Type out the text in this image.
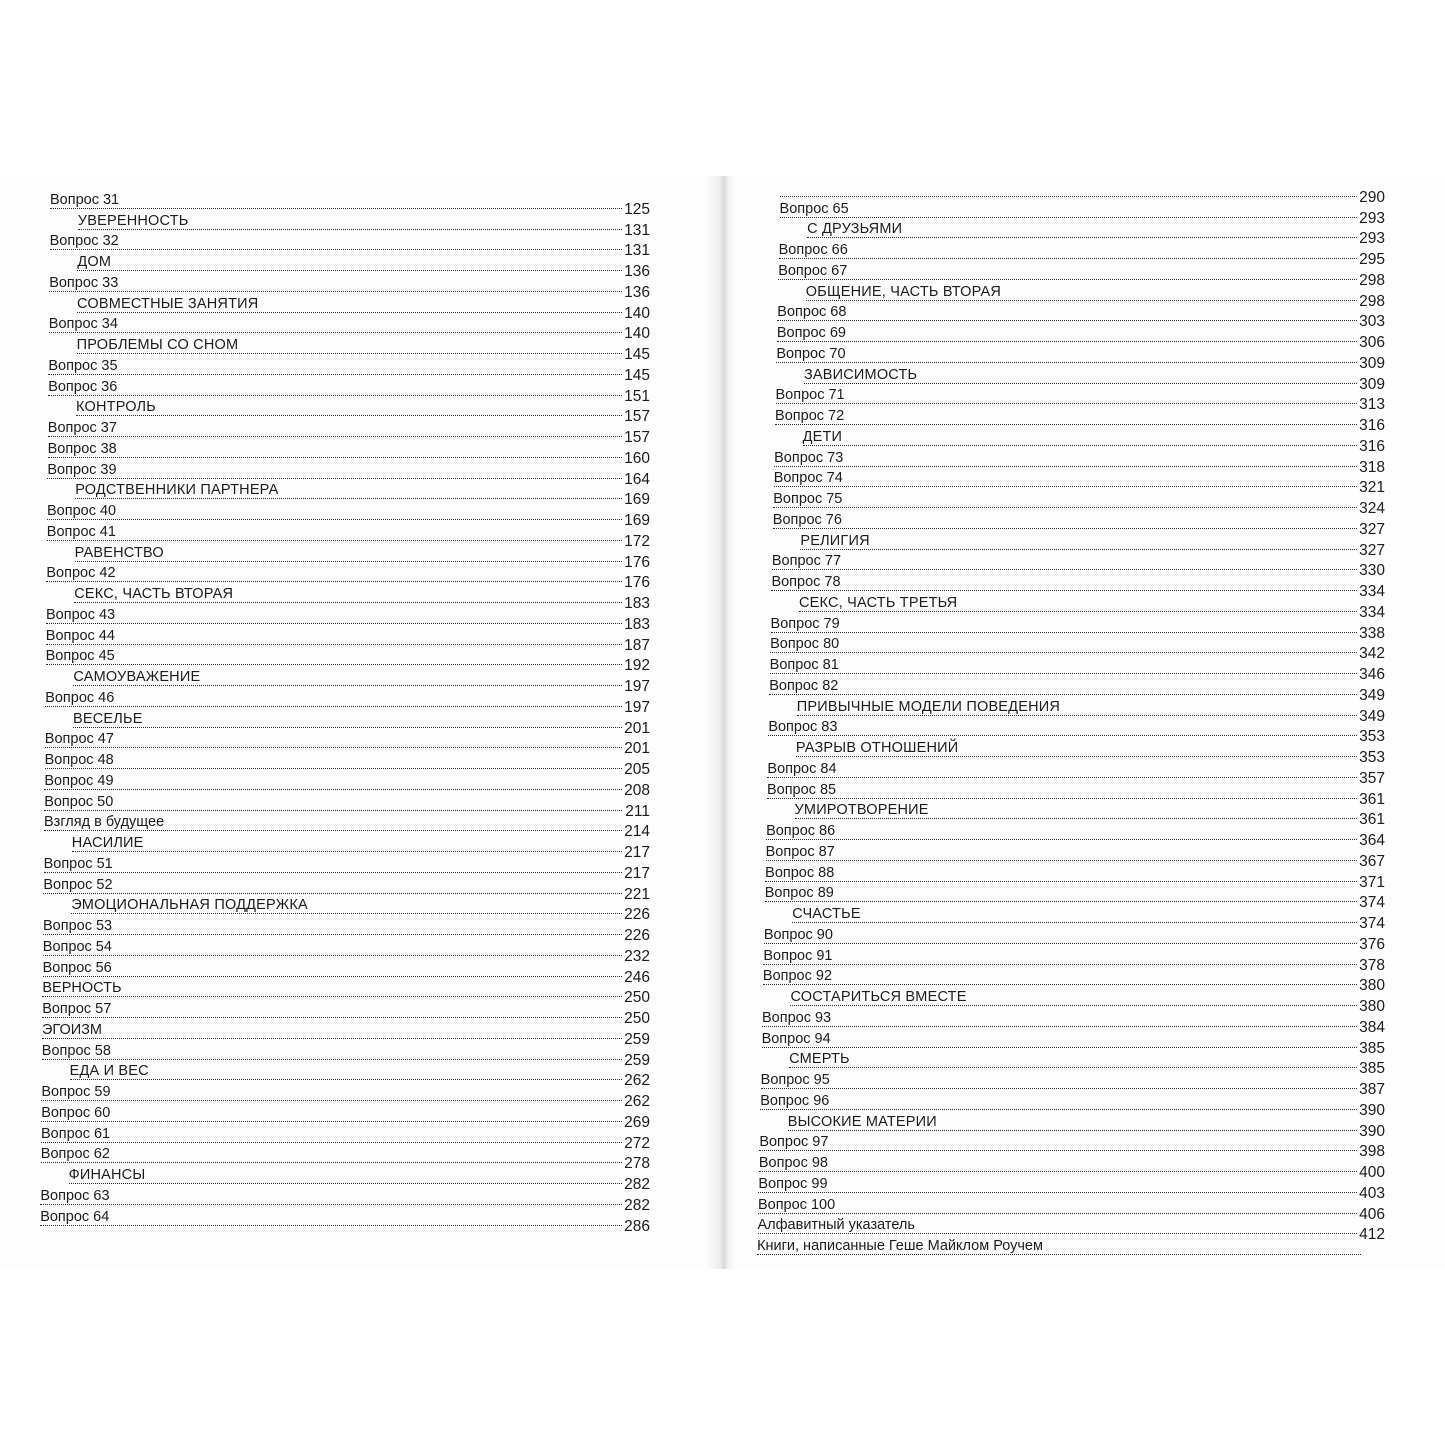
Вопрос 31
125
УВЕРЕННОСТЬ
131
Вопрос 32
131
ДОМ
136
Вопрос 33
136
СОВМЕСТНЫЕ ЗАНЯТИЯ
140
Вопрос 34
140
ПРОБЛЕМЫ СО СНОМ
145
Вопрос 35
145
Вопрос 36
151
КОНТРОЛЬ
157
Вопрос 37
157
Вопрос 38
160
Вопрос 39
164
РОДСТВЕННИКИ ПАРТНЕРА
169
Вопрос 40
169
Вопрос 41
172
РАВЕНСТВО
176
Вопрос 42
176
СЕКС, ЧАСТЬ ВТОРАЯ
183
Вопрос 43
183
Вопрос 44
187
Вопрос 45
192
САМОУВАЖЕНИЕ
197
Вопрос 46
197
ВЕСЕЛЬЕ
201
Вопрос 47
201
Вопрос 48
205
Вопрос 49
208
Вопрос 50
211
Взгляд в будущее
214
НАСИЛИЕ
217
Вопрос 51
217
Вопрос 52
221
ЭМОЦИОНАЛЬНАЯ ПОДДЕРЖКА
226
Вопрос 53
226
Вопрос 54
232
Вопрос 56
246
ВЕРНОСТЬ
250
Вопрос 57
250
ЭГОИЗМ
259
Вопрос 58
259
ЕДА И ВЕС
262
Вопрос 59
262
Вопрос 60
269
Вопрос 61
272
Вопрос 62
278
ФИНАНСЫ
282
Вопрос 63
282
Вопрос 64
286
290
Вопрос 65
293
С ДРУЗЬЯМИ
293
Вопрос 66
295
Вопрос 67
298
ОБЩЕНИЕ, ЧАСТЬ ВТОРАЯ
298
Вопрос 68
303
Вопрос 69
306
Вопрос 70
309
ЗАВИСИМОСТЬ
309
Вопрос 71
313
Вопрос 72
316
ДЕТИ
316
Вопрос 73
318
Вопрос 74
321
Вопрос 75
324
Вопрос 76
327
РЕЛИГИЯ
327
Вопрос 77
330
Вопрос 78
334
СЕКС, ЧАСТЬ ТРЕТЬЯ
334
Вопрос 79
338
Вопрос 80
342
Вопрос 81
346
Вопрос 82
349
ПРИВЫЧНЫЕ МОДЕЛИ ПОВЕДЕНИЯ
349
Вопрос 83
353
РАЗРЫВ ОТНОШЕНИЙ
353
Вопрос 84
357
Вопрос 85
361
УМИРОТВОРЕНИЕ
361
Вопрос 86
364
Вопрос 87
367
Вопрос 88
371
Вопрос 89
374
СЧАСТЬЕ
374
Вопрос 90
376
Вопрос 91
378
Вопрос 92
380
СОСТАРИТЬСЯ ВМЕСТЕ
380
Вопрос 93
384
Вопрос 94
385
СМЕРТЬ
385
Вопрос 95
387
Вопрос 96
390
ВЫСОКИЕ МАТЕРИИ
390
Вопрос 97
398
Вопрос 98
400
Вопрос 99
403
Вопрос 100
406
Алфавитный указатель
412
Книги, написанные Геше Майклом Роучем
